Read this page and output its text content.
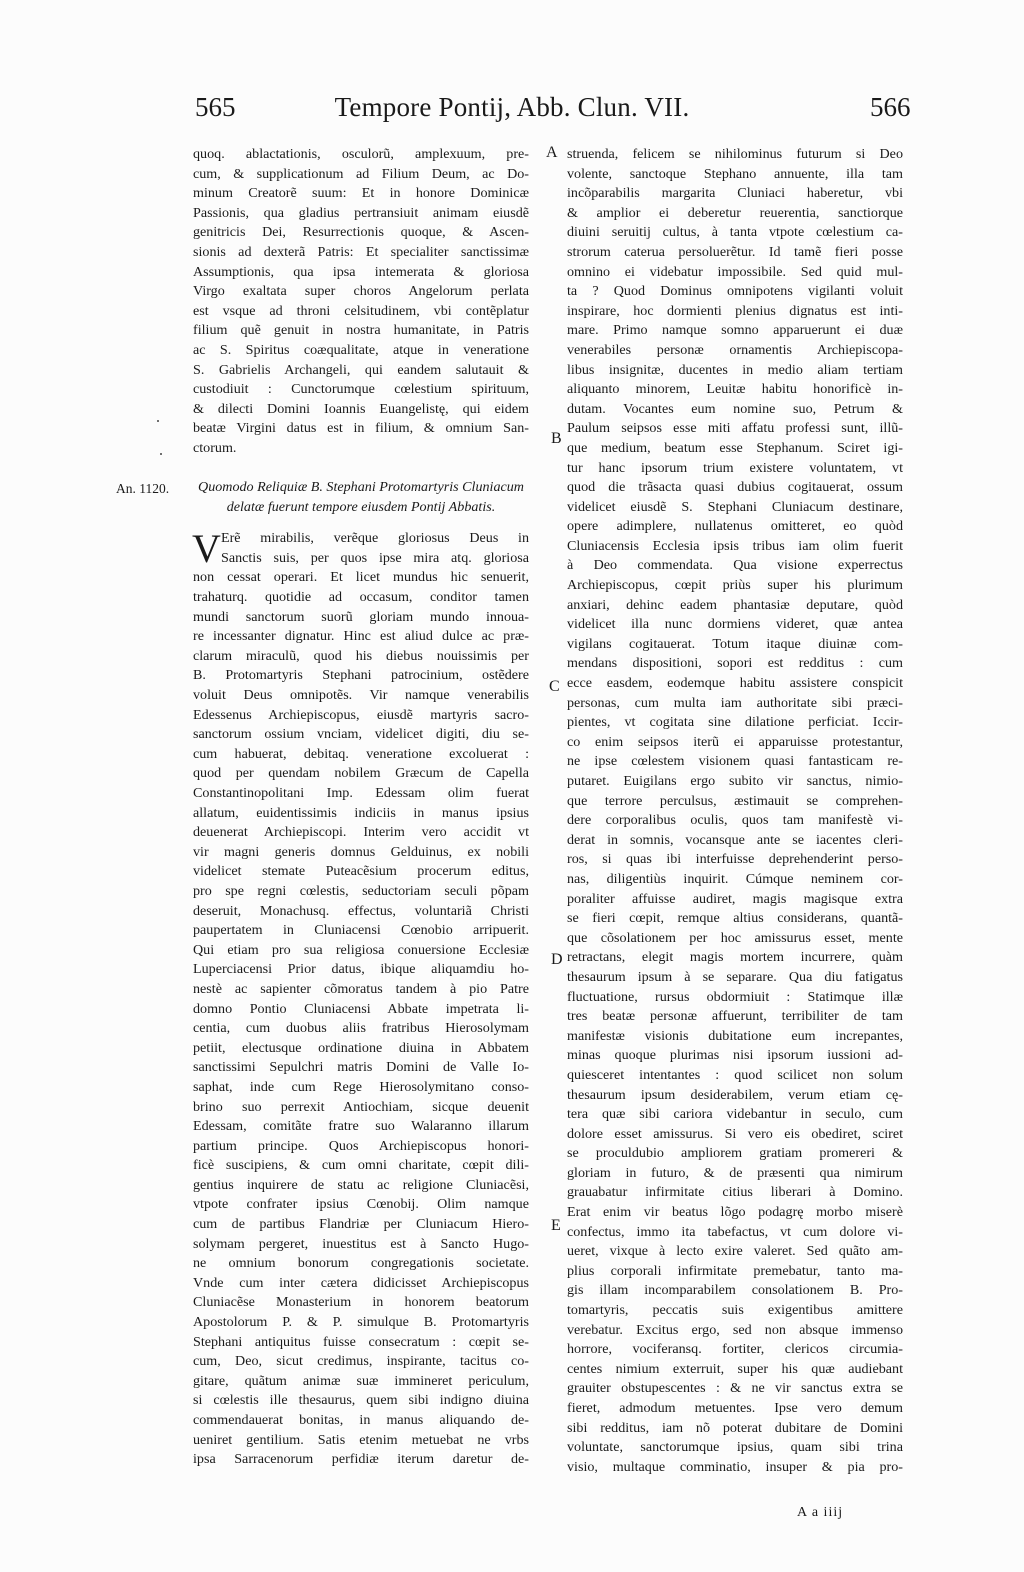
565	Tempore Pontij, Abb. Clun. VII.	566
A
B
C
D
E
An. 1120.
quoq. ablactationis, osculorũ, amplexuum, pre-
cum, & supplicationum ad Filium Deum, ac Do-
minum Creatorẽ suum: Et in honore Dominicæ
Passionis, qua gladius pertransiuit animam eiusdẽ
genitricis Dei, Resurrectionis quoque, & Ascen-
sionis ad dexterã Patris: Et specialiter sanctissimæ
Assumptionis, qua ipsa intemerata & gloriosa
Virgo exaltata super choros Angelorum perlata
est vsque ad throni celsitudinem, vbi contẽplatur
filium quẽ genuit in nostra humanitate, in Patris
ac S. Spiritus coæqualitate, atque in veneratione
S. Gabrielis Archangeli, qui eandem salutauit &
custodiuit : Cunctorumque cœlestium spirituum,
& dilecti Domini Ioannis Euangelistę, qui eidem
beatæ Virgini datus est in filium, & omnium San-
ctorum.
Quomodo Reliquiæ B. Stephani Protomartyris Cluniacum
delatæ fuerunt tempore eiusdem Pontij Abbatis.
V Erẽ mirabilis, verẽque gloriosus Deus in
Sanctis suis, per quos ipse mira atq. gloriosa
non cessat operari. Et licet mundus hic senuerit,
trahaturq. quotidie ad occasum, conditor tamen
mundi sanctorum suorũ gloriam mundo innoua-
re incessanter dignatur. Hinc est aliud dulce ac præ-
clarum miraculũ, quod his diebus nouissimis per
B. Protomartyris Stephani patrocinium, ostẽdere
voluit Deus omnipotẽs. Vir namque venerabilis
Edessenus Archiepiscopus, eiusdẽ martyris sacro-
sanctorum ossium vnciam, videlicet digiti, diu se-
cum habuerat, debitaq. veneratione excoluerat :
quod per quendam nobilem Græcum de Capella
Constantinopolitani Imp. Edessam olim fuerat
allatum, euidentissimis indiciis in manus ipsius
deuenerat Archiepiscopi. Interim vero accidit vt
vir magni generis domnus Gelduinus, ex nobili
videlicet stemate Puteacẽsium procerum editus,
pro spe regni cœlestis, seductoriam seculi põpam
deseruit, Monachusq. effectus, voluntariã Christi
paupertatem in Cluniacensi Cœnobio arripuerit.
Qui etiam pro sua religiosa conuersione Ecclesiæ
Luperciacensi Prior datus, ibique aliquamdiu ho-
nestè ac sapienter cõmoratus tandem à pio Patre
domno Pontio Cluniacensi Abbate impetrata li-
centia, cum duobus aliis fratribus Hierosolymam
petiit, electusque ordinatione diuina in Abbatem
sanctissimi Sepulchri matris Domini de Valle Io-
saphat, inde cum Rege Hierosolymitano conso-
brino suo perrexit Antiochiam, sicque deuenit
Edessam, comitãte fratre suo Walaranno illarum
partium principe. Quos Archiepiscopus honori-
ficè suscipiens, & cum omni charitate, cœpit dili-
gentius inquirere de statu ac religione Cluniacẽsi,
vtpote confrater ipsius Cœnobij. Olim namque
cum de partibus Flandriæ per Cluniacum Hiero-
solymam pergeret, inuestitus est à Sancto Hugo-
ne omnium bonorum congregationis societate.
Vnde cum inter cætera didicisset Archiepiscopus
Cluniacẽse Monasterium in honorem beatorum
Apostolorum P. & P. simulque B. Protomartyris
Stephani antiquitus fuisse consecratum : cœpit se-
cum, Deo, sicut credimus, inspirante, tacitus co-
gitare, quãtum animæ suæ immineret periculum,
si cœlestis ille thesaurus, quem sibi indigno diuina
commendauerat bonitas, in manus aliquando de-
ueniret gentilium. Satis etenim metuebat ne vrbs
ipsa Sarracenorum perfidiæ iterum daretur de-
struenda, felicem se nihilominus futurum si Deo
volente, sanctoque Stephano annuente, illa tam
incõparabilis margarita Cluniaci haberetur, vbi
& amplior ei deberetur reuerentia, sanctiorque
diuini seruitij cultus, à tanta vtpote cœlestium ca-
strorum caterua persoluerẽtur. Id tamẽ fieri posse
omnino ei videbatur impossibile. Sed quid mul-
ta ? Quod Dominus omnipotens vigilanti voluit
inspirare, hoc dormienti plenius dignatus est inti-
mare. Primo namque somno apparuerunt ei duæ
venerabiles personæ ornamentis Archiepiscopa-
libus insignitæ, ducentes in medio aliam tertiam
aliquanto minorem, Leuitæ habitu honorificè in-
dutam. Vocantes eum nomine suo, Petrum &
Paulum seipsos esse miti affatu professi sunt, illũ-
que medium, beatum esse Stephanum. Sciret igi-
tur hanc ipsorum trium existere voluntatem, vt
quod die trãsacta quasi dubius cogitauerat, ossum
videlicet eiusdẽ S. Stephani Cluniacum destinare,
opere adimplere, nullatenus omitteret, eo quòd
Cluniacensis Ecclesia ipsis tribus iam olim fuerit
à Deo commendata. Qua visione experrectus
Archiepiscopus, cœpit priùs super his plurimum
anxiari, dehinc eadem phantasiæ deputare, quòd
videlicet illa nunc dormiens videret, quæ antea
vigilans cogitauerat. Totum itaque diuinæ com-
mendans dispositioni, sopori est redditus : cum
ecce easdem, eodemque habitu assistere conspicit
personas, cum multa iam authoritate sibi præci-
pientes, vt cogitata sine dilatione perficiat. Iccir-
co enim seipsos iterũ ei apparuisse protestantur,
ne ipse cœlestem visionem quasi fantasticam re-
putaret. Euigilans ergo subito vir sanctus, nimio-
que terrore perculsus, æstimauit se comprehen-
dere corporalibus oculis, quos tam manifestè vi-
derat in somnis, vocansque ante se iacentes cleri-
ros, si quas ibi interfuisse deprehenderint perso-
nas, diligentiùs inquirit. Cúmque neminem cor-
poraliter affuisse audiret, magis magisque extra
se fieri cœpit, remque altius considerans, quantã-
que cõsolationem per hoc amissurus esset, mente
retractans, elegit magis mortem incurrere, quàm
thesaurum ipsum à se separare. Qua diu fatigatus
fluctuatione, rursus obdormiuit : Statimque illæ
tres beatæ personæ affuerunt, terribiliter de tam
manifestæ visionis dubitatione eum increpantes,
minas quoque plurimas nisi ipsorum iussioni ad-
quiesceret intentantes : quod scilicet non solum
thesaurum ipsum desiderabilem, verum etiam cę-
tera quæ sibi cariora videbantur in seculo, cum
dolore esset amissurus. Si vero eis obediret, sciret
se proculdubio ampliorem gratiam promereri &
gloriam in futuro, & de præsenti qua nimirum
grauabatur infirmitate citius liberari à Domino.
Erat enim vir beatus lõgo podagrę morbo miserè
confectus, immo ita tabefactus, vt cum dolore vi-
ueret, vixque à lecto exire valeret. Sed quãto am-
plius corporali infirmitate premebatur, tanto ma-
gis illam incomparabilem consolationem B. Pro-
tomartyris, peccatis suis exigentibus amittere
verebatur. Excitus ergo, sed non absque immenso
horrore, vociferansq. fortiter, clericos circumia-
centes nimium exterruit, super his quæ audiebant
grauiter obstupescentes : & ne vir sanctus extra se
fieret, admodum metuentes. Ipse vero demum
sibi redditus, iam nõ poterat dubitare de Domini
voluntate, sanctorumque ipsius, quam sibi trina
visio, multaque comminatio, insuper & pia pro-
A a iiij
